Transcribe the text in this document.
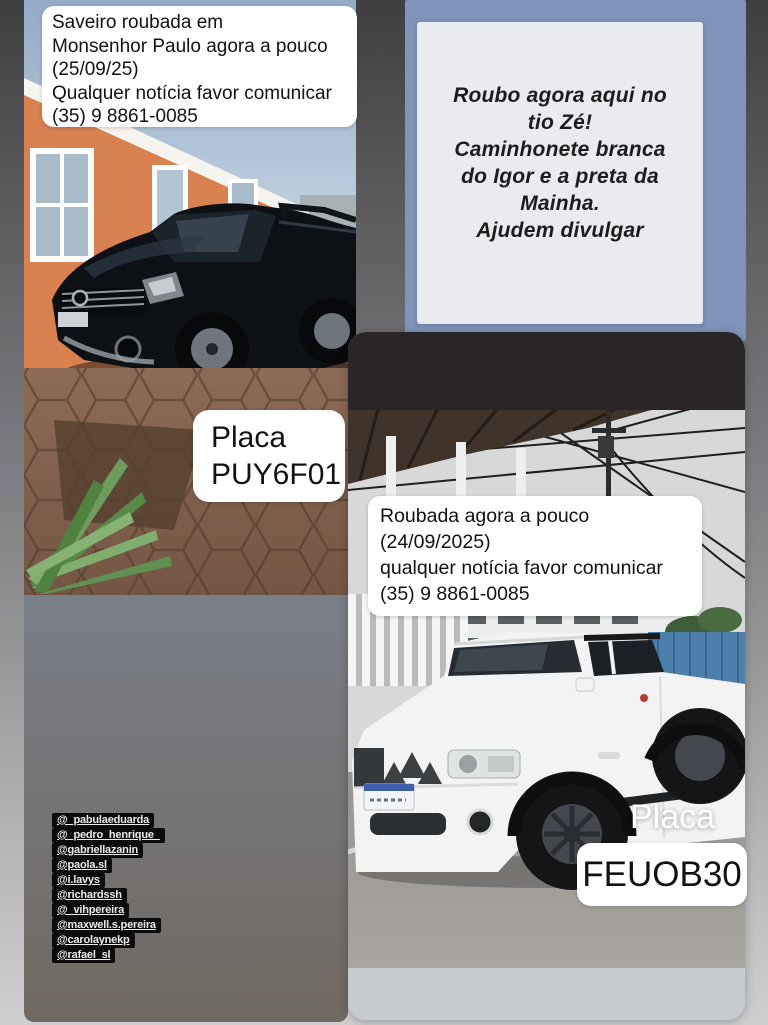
Roubo agora aqui no
tio Zé!
Caminhonete branca
do Igor e a preta da
Mainha.
Ajudem divulgar
Saveiro roubada em
Monsenhor Paulo agora a pouco
(25/09/25)
Qualquer notícia favor comunicar
(35) 9 8861-0085
Roubada agora a pouco
(24/09/2025)
qualquer notícia favor comunicar
(35) 9 8861-0085
Placa
PUY6F01
Placa
FEUOB30
@_pabulaeduarda
@_pedro_henrique_
@gabriellazanin
@paola.sl
@i.lavys
@richardssh
@_vihpereira
@maxwell.s.pereira
@carolaynekp
@rafael_sl
